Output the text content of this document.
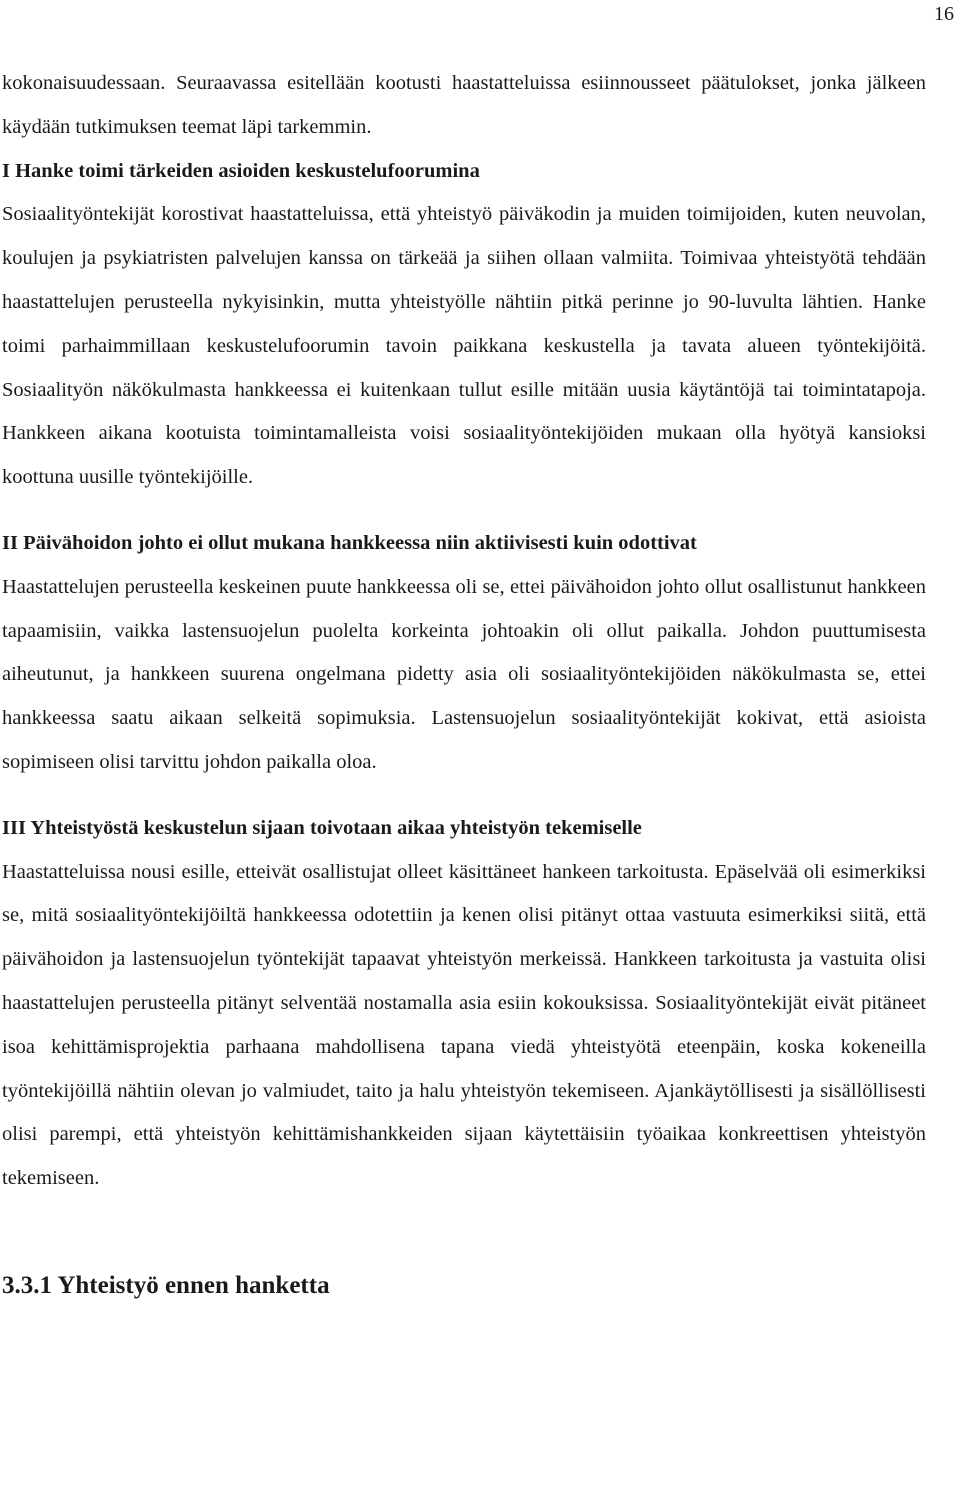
16

kokonaisuudessaan. Seuraavassa esitellään kootusti haastatteluissa esiinnousseet päätulokset, jonka jälkeen käydään tutkimuksen teemat läpi tarkemmin.

I Hanke toimi tärkeiden asioiden keskustelufoorumina

Sosiaalityöntekijät korostivat haastatteluissa, että yhteistyö päiväkodin ja muiden toimijoiden, kuten neuvolan, koulujen ja psykiatristen palvelujen kanssa on tärkeää ja siihen ollaan valmiita. Toimivaa yhteistyötä tehdään haastattelujen perusteella nykyisinkin, mutta yhteistyölle nähtiin pitkä perinne jo 90-luvulta lähtien. Hanke toimi parhaimmillaan keskustelufoorumin tavoin paikkana keskustella ja tavata alueen työntekijöitä. Sosiaalityön näkökulmasta hankkeessa ei kuitenkaan tullut esille mitään uusia käytäntöjä tai toimintatapoja. Hankkeen aikana kootuista toimintamalleista voisi sosiaalityöntekijöiden mukaan olla hyötyä kansioksi koottuna uusille työntekijöille.

II Päivähoidon johto ei ollut mukana hankkeessa niin aktiivisesti kuin odottivat

Haastattelujen perusteella keskeinen puute hankkeessa oli se, ettei päivähoidon johto ollut osallistunut hankkeen tapaamisiin, vaikka lastensuojelun puolelta korkeinta johtoakin oli ollut paikalla. Johdon puuttumisesta aiheutunut, ja hankkeen suurena ongelmana pidetty asia oli sosiaalityöntekijöiden näkökulmasta se, ettei hankkeessa saatu aikaan selkeitä sopimuksia. Lastensuojelun sosiaalityöntekijät kokivat, että asioista sopimiseen olisi tarvittu johdon paikalla oloa.

III Yhteistyöstä keskustelun sijaan toivotaan aikaa yhteistyön tekemiselle

Haastatteluissa nousi esille, etteivät osallistujat olleet käsittäneet hankeen tarkoitusta. Epäselvää oli esimerkiksi se, mitä sosiaalityöntekijöiltä hankkeessa odotettiin ja kenen olisi pitänyt ottaa vastuuta esimerkiksi siitä, että päivähoidon ja lastensuojelun työntekijät tapaavat yhteistyön merkeissä. Hankkeen tarkoitusta ja vastuita olisi haastattelujen perusteella pitänyt selventää nostamalla asia esiin kokouksissa. Sosiaalityöntekijät eivät pitäneet isoa kehittämisprojektia parhaana mahdollisena tapana viedä yhteistyötä eteenpäin, koska kokeneilla työntekijöillä nähtiin olevan jo valmiudet, taito ja halu yhteistyön tekemiseen. Ajankäytöllisesti ja sisällöllisesti olisi parempi, että yhteistyön kehittämishankkeiden sijaan käytettäisiin työaikaa konkreettisen yhteistyön tekemiseen.

3.3.1 Yhteistyö ennen hanketta
